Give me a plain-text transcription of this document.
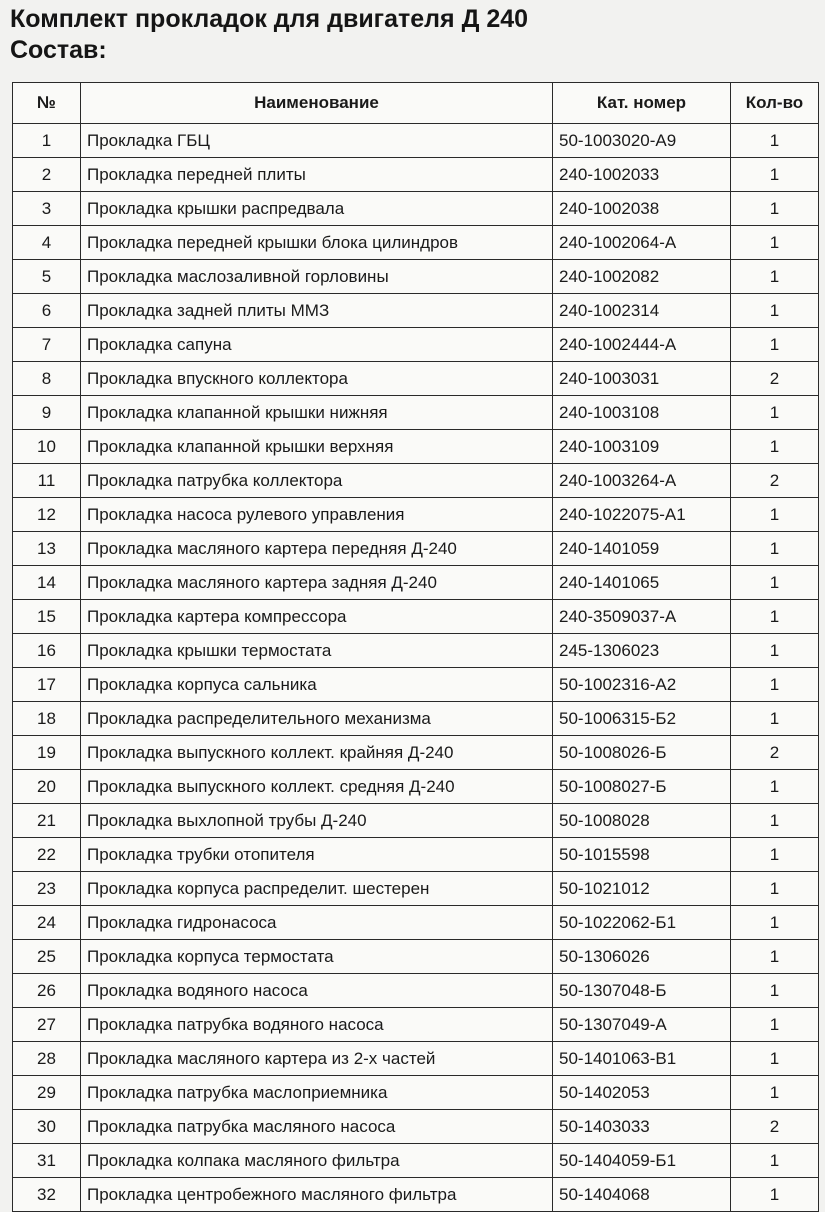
Комплект прокладок для двигателя Д 240
Состав:
№	Наименование	Кат. номер	Кол-во
1	Прокладка ГБЦ	50-1003020-А9	1
2	Прокладка передней плиты	240-1002033	1
3	Прокладка крышки распредвала	240-1002038	1
4	Прокладка передней крышки блока цилиндров	240-1002064-А	1
5	Прокладка маслозаливной горловины	240-1002082	1
6	Прокладка задней плиты ММЗ	240-1002314	1
7	Прокладка сапуна	240-1002444-А	1
8	Прокладка впускного коллектора	240-1003031	2
9	Прокладка клапанной крышки нижняя	240-1003108	1
10	Прокладка клапанной крышки верхняя	240-1003109	1
11	Прокладка патрубка коллектора	240-1003264-А	2
12	Прокладка насоса рулевого управления	240-1022075-А1	1
13	Прокладка масляного картера передняя Д-240	240-1401059	1
14	Прокладка масляного картера задняя Д-240	240-1401065	1
15	Прокладка картера компрессора	240-3509037-А	1
16	Прокладка крышки термостата	245-1306023	1
17	Прокладка корпуса сальника	50-1002316-А2	1
18	Прокладка распределительного механизма	50-1006315-Б2	1
19	Прокладка выпускного коллект. крайняя Д-240	50-1008026-Б	2
20	Прокладка выпускного коллект. средняя Д-240	50-1008027-Б	1
21	Прокладка выхлопной трубы Д-240	50-1008028	1
22	Прокладка трубки отопителя	50-1015598	1
23	Прокладка корпуса распределит. шестерен	50-1021012	1
24	Прокладка гидронасоса	50-1022062-Б1	1
25	Прокладка корпуса термостата	50-1306026	1
26	Прокладка водяного насоса	50-1307048-Б	1
27	Прокладка патрубка водяного насоса	50-1307049-А	1
28	Прокладка масляного картера из 2-х частей	50-1401063-В1	1
29	Прокладка патрубка маслоприемника	50-1402053	1
30	Прокладка патрубка масляного насоса	50-1403033	2
31	Прокладка колпака масляного фильтра	50-1404059-Б1	1
32	Прокладка центробежного масляного фильтра	50-1404068	1
